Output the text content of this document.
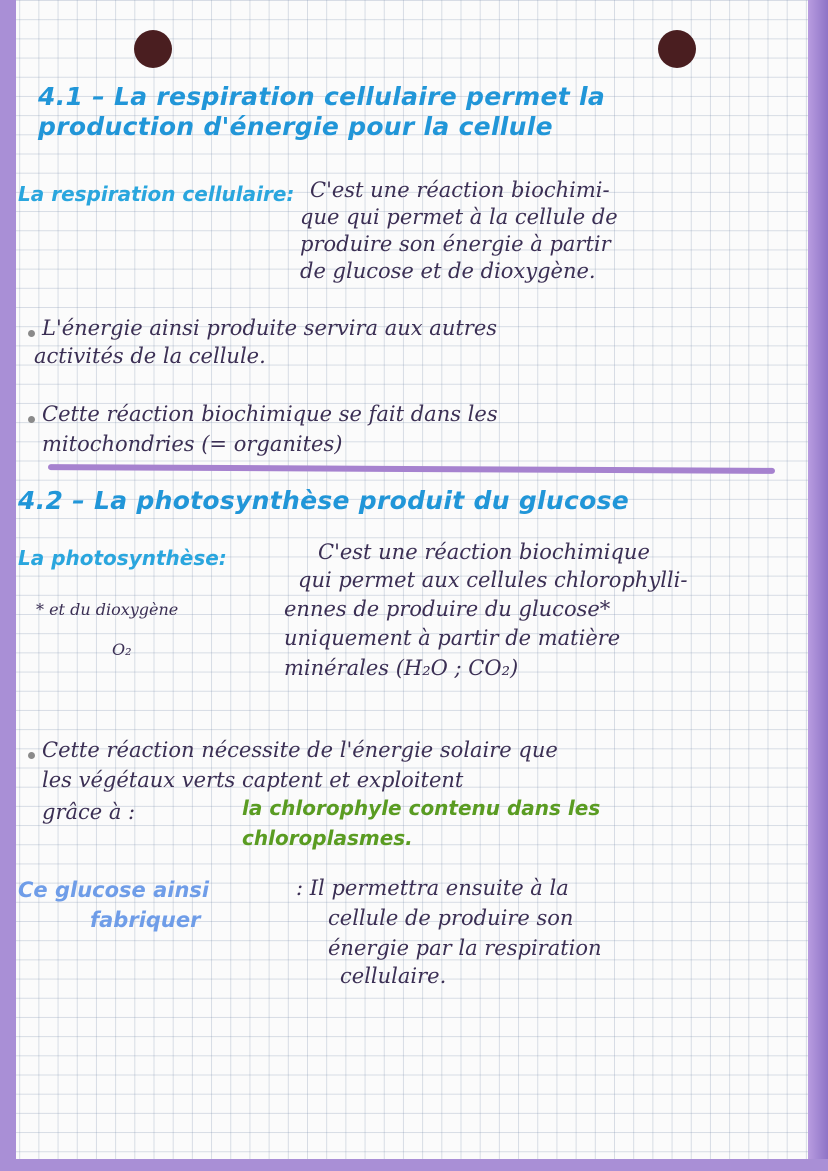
4.1 – La respiration cellulaire permet la

production d'énergie pour la cellule

La respiration cellulaire: C'est une réaction biochimi-

que qui permet à la cellule de

produire son énergie à partir

de glucose et de dioxygène.

L'énergie ainsi produite servira aux autres

activités de la cellule.

Cette réaction biochimique se fait dans les

mitochondries (= organites)

4.2 – La photosynthèse produit du glucose

La photosynthèse:	C'est une réaction biochimique

qui permet aux cellules chlorophylli-

ennes de produire du glucose*

uniquement à partir de matière

minérales (H₂O ; CO₂)

* et du dioxygène

O₂

Cette réaction nécessite de l'énergie solaire que

les végétaux verts captent et exploitent

grâce à :	la chlorophyle contenu dans les

chloroplasmes.

Ce glucose ainsi

fabriquer

: Il permettra ensuite à la

cellule de produire son

énergie par la respiration

cellulaire.
